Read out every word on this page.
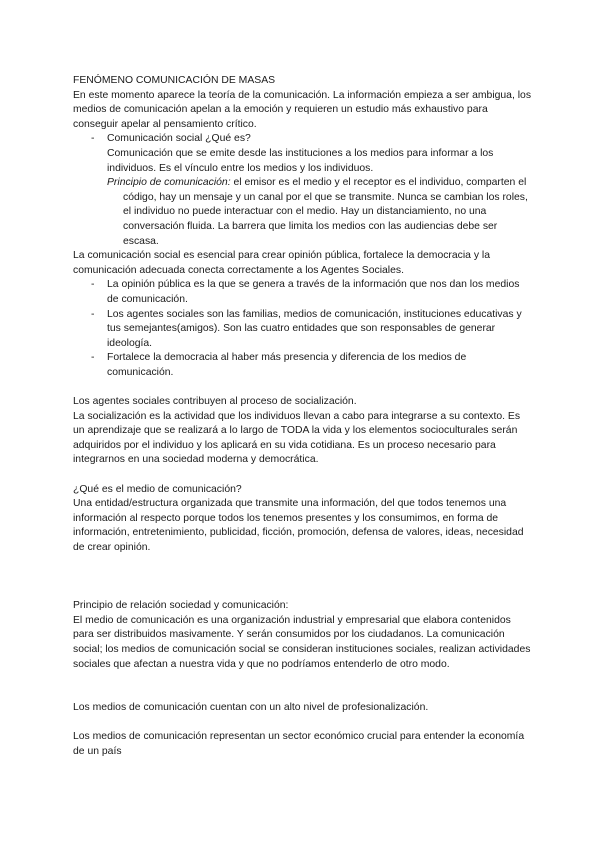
FENÓMENO COMUNICACIÓN DE MASAS

En este momento aparece la teoría de la comunicación. La información empieza a ser ambigua, los medios de comunicación apelan a la emoción y requieren un estudio más exhaustivo para conseguir apelar al pensamiento crítico.

- Comunicación social ¿Qué es?

Comunicación que se emite desde las instituciones a los medios para informar a los individuos. Es el vínculo entre los medios y los individuos.

Principio de comunicación: el emisor es el medio y el receptor es el individuo, comparten el código, hay un mensaje y un canal por el que se transmite. Nunca se cambian los roles, el individuo no puede interactuar con el medio. Hay un distanciamiento, no una conversación fluida. La barrera que limita los medios con las audiencias debe ser escasa.

La comunicación social es esencial para crear opinión pública, fortalece la democracia y la comunicación adecuada conecta correctamente a los Agentes Sociales.

- La opinión pública es la que se genera a través de la información que nos dan los medios de comunicación.
- Los agentes sociales son las familias, medios de comunicación, instituciones educativas y tus semejantes(amigos). Son las cuatro entidades que son responsables de generar ideología.
- Fortalece la democracia al haber más presencia y diferencia de los medios de comunicación.

Los agentes sociales contribuyen al proceso de socialización.

La socialización es la actividad que los individuos llevan a cabo para integrarse a su contexto. Es un aprendizaje que se realizará a lo largo de TODA la vida y los elementos socioculturales serán adquiridos por el individuo y los aplicará en su vida cotidiana. Es un proceso necesario para integrarnos en una sociedad moderna y democrática.

¿Qué es el medio de comunicación?

Una entidad/estructura organizada que transmite una información, del que todos tenemos una información al respecto porque todos los tenemos presentes y los consumimos, en forma de información, entretenimiento, publicidad, ficción, promoción, defensa de valores, ideas, necesidad de crear opinión.

Principio de relación sociedad y comunicación:

El medio de comunicación es una organización industrial y empresarial que elabora contenidos para ser distribuidos masivamente. Y serán consumidos por los ciudadanos. La comunicación social; los medios de comunicación social se consideran instituciones sociales, realizan actividades sociales que afectan a nuestra vida y que no podríamos entenderlo de otro modo.

Los medios de comunicación cuentan con un alto nivel de profesionalización.

Los medios de comunicación representan un sector económico crucial para entender la economía de un país
